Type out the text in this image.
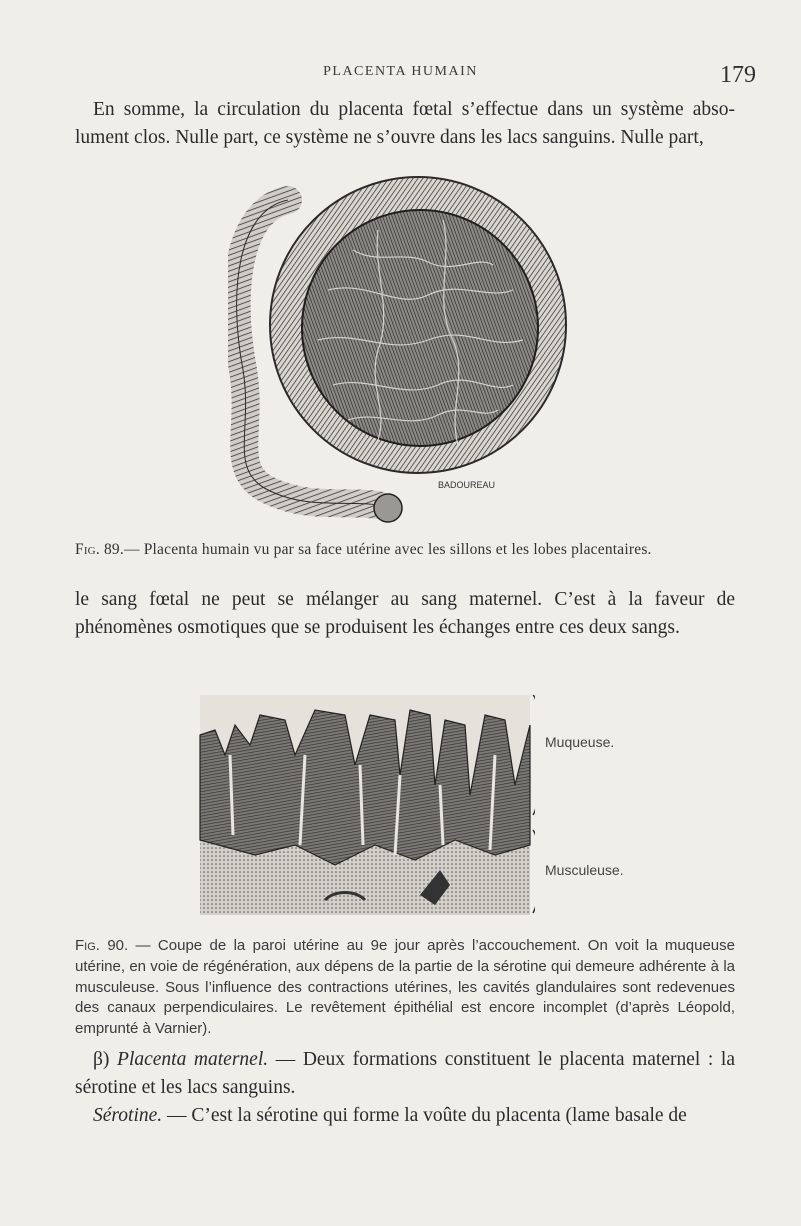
PLACENTA HUMAIN	179

En somme, la circulation du placenta fœtal s’effectue dans un système abso-lument clos. Nulle part, ce système ne s’ouvre dans les lacs sanguins. Nulle part,

BADOUREAU
Fig. 89.— Placenta humain vu par sa face utérine avec les sillons et les lobes placentaires.

le sang fœtal ne peut se mélanger au sang maternel. C’est à la faveur de phénomènes osmotiques que se produisent les échanges entre ces deux sangs.

Muqueuse.
Musculeuse.
Fig. 90. — Coupe de la paroi utérine au 9e jour après l’accouchement. On voit la muqueuse utérine, en voie de régénération, aux dépens de la partie de la sérotine qui demeure adhérente à la musculeuse. Sous l’influence des contractions utérines, les cavités glandulaires sont redevenues des canaux perpendiculaires. Le revêtement épithélial est encore incomplet (d’après Léopold, emprunté à Varnier).

β) Placenta maternel. — Deux formations constituent le placenta maternel : la sérotine et les lacs sanguins.

Sérotine. — C’est la sérotine qui forme la voûte du placenta (lame basale de
